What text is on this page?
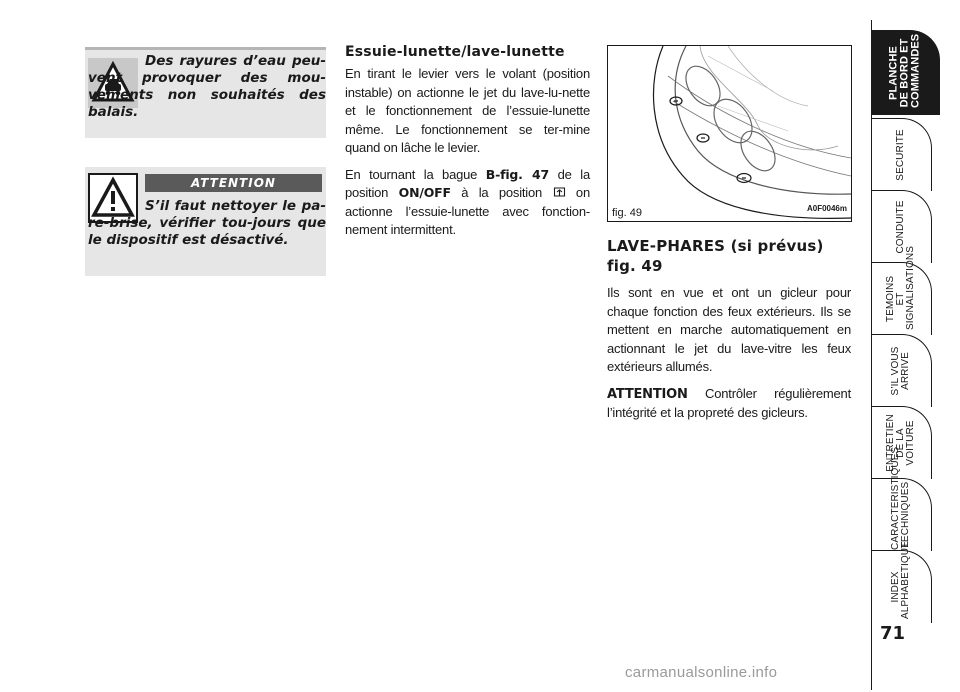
Des rayures d’eau peu-vent provoquer des mou-vements non souhaités des balais.
ATTENTION
S’il faut nettoyer le pa-re-brise, vérifier tou-jours que le dispositif est désactivé.
Essuie-lunette/lave-lunette

En tirant le levier vers le volant (position instable) on actionne le jet du lave-lu-nette et le fonctionnement de l’essuie-lunette même. Le fonctionnement se ter-mine quand on lâche le levier.

En tournant la bague B-fig. 47 de la position ON/OFF à la position  on actionne l’essuie-lunette avec fonction-nement intermittent.

fig. 49	A0F0046m
LAVE-PHARES (si prévus) fig. 49

Ils sont en vue et ont un gicleur pour chaque fonction des feux extérieurs. Ils se mettent en marche automatiquement en actionnant le jet du lave-vitre les feux extérieurs allumés.

ATTENTION Contrôler régulièrement l’intégrité et la propreté des gicleurs.

PLANCHE DE BORD ET COMMANDES
SECURITE
CONDUITE
TEMOINS ET SIGNALISATIONS
S’IL VOUS ARRIVE
ENTRETIEN DE LA VOITURE
CARACTERISTIQUES TECHNIQUES
INDEX ALPHABETIQUE
71
carmanualsonline.info
